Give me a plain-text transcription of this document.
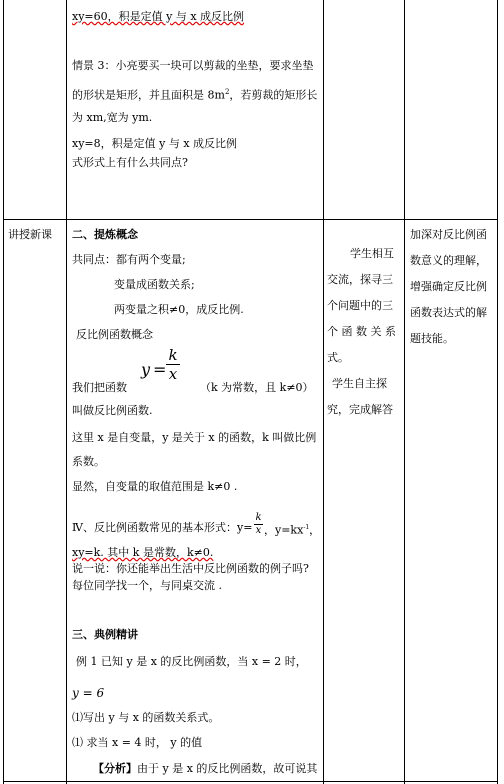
xy=60，积是定值 y 与 x 成反比例
情景 3：小亮要买一块可以剪裁的坐垫，要求坐垫
的形状是矩形，并且面积是 $8m^2$，若剪裁的矩形长
为 xm,宽为 ym.
xy=8，积是定值 y 与 x 成反比例
式形式上有什么共同点?
讲授新课 二、提炼概念
共同点：都有两个变量;
变量成函数关系;
两变量之积≠0，成反比例.
反比例函数概念
y =
k
x
我们把函数	（k 为常数，且 k≠0）
叫做反比例函数.
这里 x 是自变量，y 是关于 x 的函数，k 叫做比例
系数。
显然，自变量的取值范围是 k≠0 .
Ⅳ、反比例函数常见的基本形式：y=
k
x ，$y=kx^{-1}$，
xy=k. 其中 k 是常数，k≠0.
说一说：你还能举出生活中反比例函数的例子吗?
每位同学找一个，与同桌交流 .
三、典例精讲
例 1 已知 y 是 x 的反比例函数，当 x = 2 时，
y = 6
⑴写出 y 与 x 的函数关系式。
⑴ 求当 x = 4 时， y 的值
【分析】由于 y 是 x 的反比例函数，故可说其
学生相互
交流，探寻三
个问题中的三
个 函 数 关 系
式。
学生自主探
究，完成解答
加深对反比例函
数意义的理解，
增强确定反比例
函数表达式的解
题技能。
